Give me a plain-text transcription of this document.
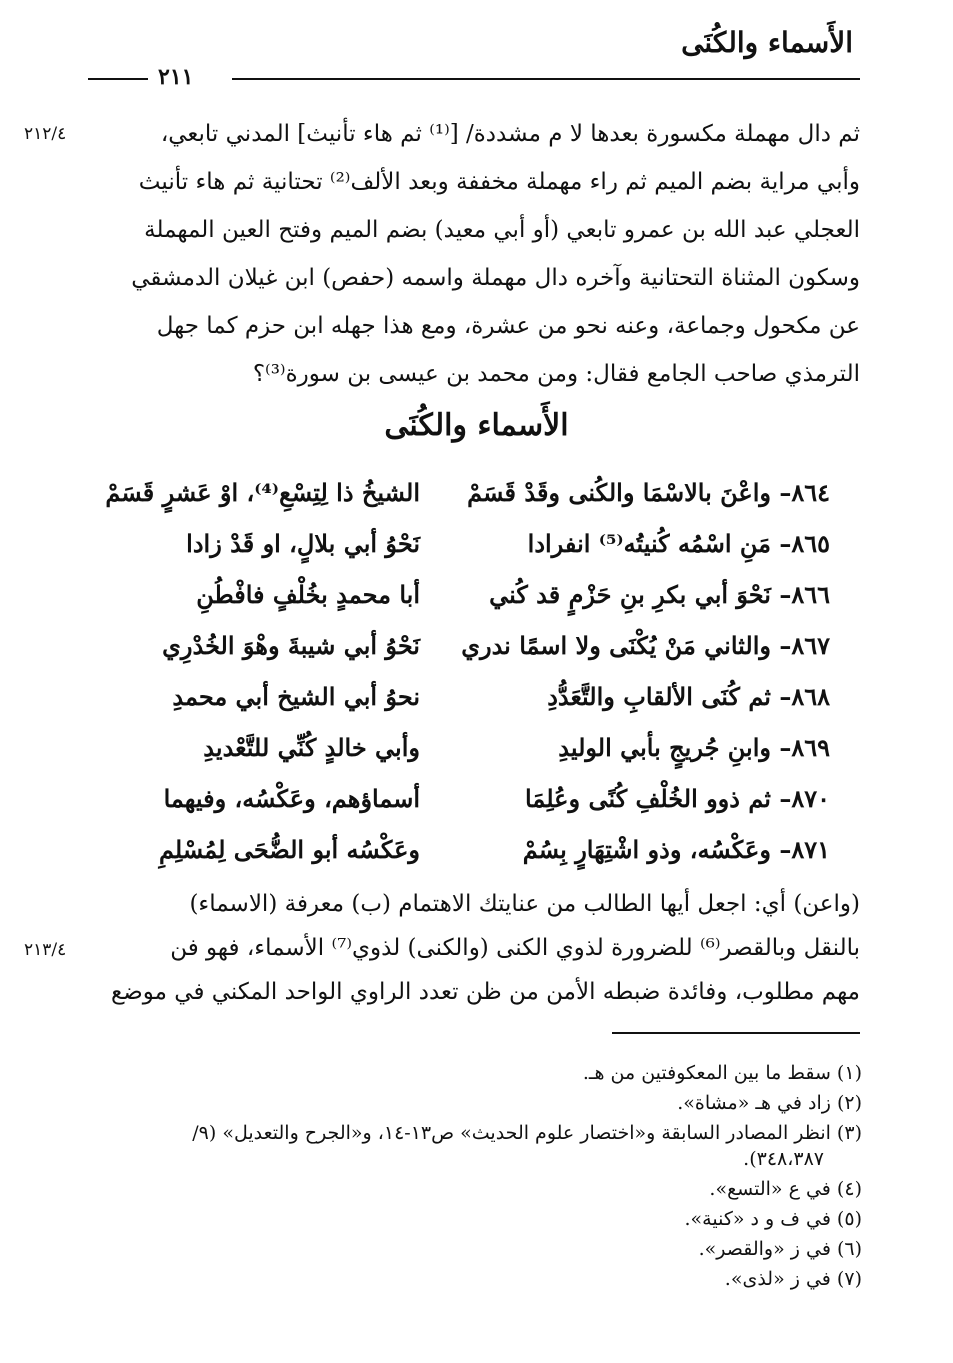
الأَسماء والكُنَى
٢١١
ثم دال مهملة مكسورة بعدها لا م مشددة/ [⁽¹⁾ ثم هاء تأنيث] المدني تابعي،
وأبي مراية بضم الميم ثم راء مهملة مخففة وبعد الألف⁽²⁾ تحتانية ثم هاء تأنيث
العجلي عبد الله بن عمرو تابعي (أو أبي معيد) بضم الميم وفتح العين المهملة
وسكون المثناة التحتانية وآخره دال مهملة واسمه (حفص) ابن غيلان الدمشقي
عن مكحول وجماعة، وعنه نحو من عشرة، ومع هذا جهله ابن حزم كما جهل
الترمذي صاحب الجامع فقال: ومن محمد بن عيسى بن سورة⁽³⁾؟
٢١٢/٤
الأَسماء والكُنَى
٨٦٤– واعْنَ بالاسْمَا والكُنى وقَدْ قَسَمْ
الشيخُ ذا لِتِسْعِ⁽⁴⁾، اوْ عَشرٍ قَسَمْ
٨٦٥– مَنِ اسْمُه كُنيتُه⁽⁵⁾ انفرادا
نَحْوُ أبي بلالٍ، او قَدْ زادا
٨٦٦– نَحْوَ أبي بكرِ بنِ حَزْمٍ قد كُني
أبا محمدٍ بخُلْفٍ فافْطُنِ
٨٦٧– والثاني مَنْ يُكْنَى ولا اسمًا ندري
نَحْوُ أبي شيبةَ وهْوَ الخُدْرِي
٨٦٨– ثم كُنَى الألقابِ والتَّعَدُّدِ
نحوُ أبي الشيخ أبي محمدِ
٨٦٩– وابنِ جُريجٍ بأبي الوليدِ
وأبي خالدٍ كُنِّي للتَّعْديدِ
٨٧٠– ثم ذوو الخُلْفِ كُنًى وعُلِمَا
أسماؤهم، وعَكْسُه، وفيهما
٨٧١– وعَكْسُه، وذو اشْتِهَارٍ بِسُمْ
وعَكْسُه أبو الضُّحَى لِمُسْلِمِ
(واعن) أي: اجعل أيها الطالب من عنايتك الاهتمام (ب) معرفة (الاسماء)
بالنقل وبالقصر⁽⁶⁾ للضرورة لذوي الكنى (والكنى) لذوي⁽⁷⁾ الأسماء، فهو فن
مهم مطلوب، وفائدة ضبطه الأمن من ظن تعدد الراوي الواحد المكني في موضع
٢١٣/٤
(١) سقط ما بين المعكوفتين من هـ.
(٢) زاد في هـ «مشاة».
(٣) انظر المصادر السابقة و«اختصار علوم الحديث» ص١٣-١٤، و«الجرح والتعديل» (٩/
٣٤٨،٣٨٧).
(٤) في ع «التسع».
(٥) في ف و د «كنية».
(٦) في ز «والقصر».
(٧) في ز «لذى».
